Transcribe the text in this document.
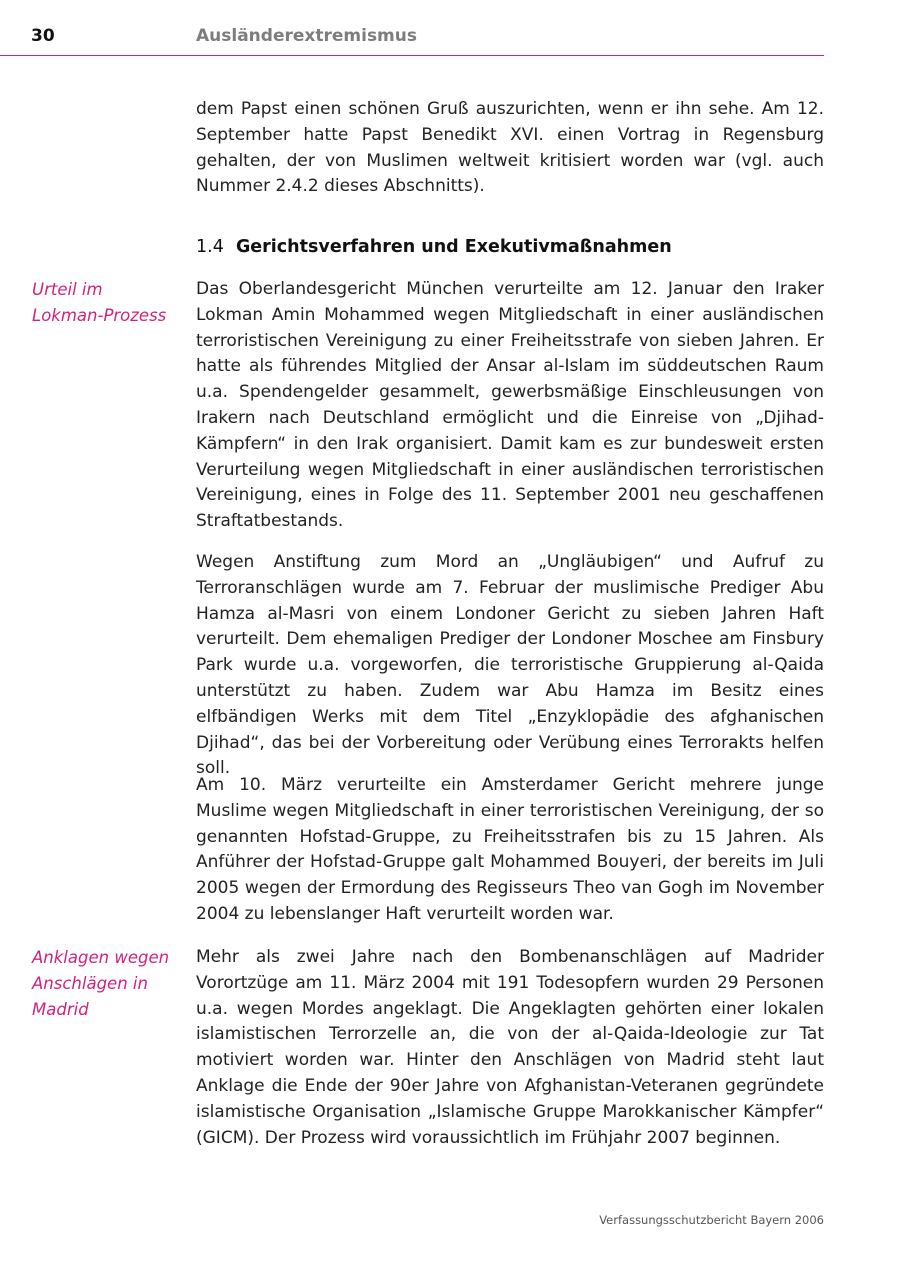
30	Ausländerextremismus

dem Papst einen schönen Gruß auszurichten, wenn er ihn sehe. Am 12. September hatte Papst Benedikt XVI. einen Vortrag in Regensburg gehalten, der von Muslimen weltweit kritisiert worden war (vgl. auch Nummer 2.4.2 dieses Abschnitts).

1.4 Gerichtsverfahren und Exekutivmaßnahmen
Urteil im
Lokman-Prozess

Das Oberlandesgericht München verurteilte am 12. Januar den Iraker Lokman Amin Mohammed wegen Mitgliedschaft in einer ausländischen terroristischen Vereinigung zu einer Freiheitsstrafe von sieben Jahren. Er hatte als führendes Mitglied der Ansar al-Islam im süddeutschen Raum u.a. Spendengelder gesammelt, gewerbsmäßige Einschleusungen von Irakern nach Deutschland ermöglicht und die Einreise von „Djihad-Kämpfern“ in den Irak organisiert. Damit kam es zur bundesweit ersten Verurteilung wegen Mitgliedschaft in einer ausländischen terroristischen Vereinigung, eines in Folge des 11. September 2001 neu geschaffenen Straftatbestands.

Wegen Anstiftung zum Mord an „Ungläubigen“ und Aufruf zu Terroranschlägen wurde am 7. Februar der muslimische Prediger Abu Hamza al-Masri von einem Londoner Gericht zu sieben Jahren Haft verurteilt. Dem ehemaligen Prediger der Londoner Moschee am Finsbury Park wurde u.a. vorgeworfen, die terroristische Gruppierung al-Qaida unterstützt zu haben. Zudem war Abu Hamza im Besitz eines elfbändigen Werks mit dem Titel „Enzyklopädie des afghanischen Djihad“, das bei der Vorbereitung oder Verübung eines Terrorakts helfen soll.

Am 10. März verurteilte ein Amsterdamer Gericht mehrere junge Muslime wegen Mitgliedschaft in einer terroristischen Vereinigung, der so genannten Hofstad-Gruppe, zu Freiheitsstrafen bis zu 15 Jahren. Als Anführer der Hofstad-Gruppe galt Mohammed Bouyeri, der bereits im Juli 2005 wegen der Ermordung des Regisseurs Theo van Gogh im November 2004 zu lebenslanger Haft verurteilt worden war.

Anklagen wegen
Anschlägen in
Madrid

Mehr als zwei Jahre nach den Bombenanschlägen auf Madrider Vorortzüge am 11. März 2004 mit 191 Todesopfern wurden 29 Personen u.a. wegen Mordes angeklagt. Die Angeklagten gehörten einer lokalen islamistischen Terrorzelle an, die von der al-Qaida-Ideologie zur Tat motiviert worden war. Hinter den Anschlägen von Madrid steht laut Anklage die Ende der 90er Jahre von Afghanistan-Veteranen gegründete islamistische Organisation „Islamische Gruppe Marokkanischer Kämpfer“ (GICM). Der Prozess wird voraussichtlich im Frühjahr 2007 beginnen.

Verfassungsschutzbericht Bayern 2006
